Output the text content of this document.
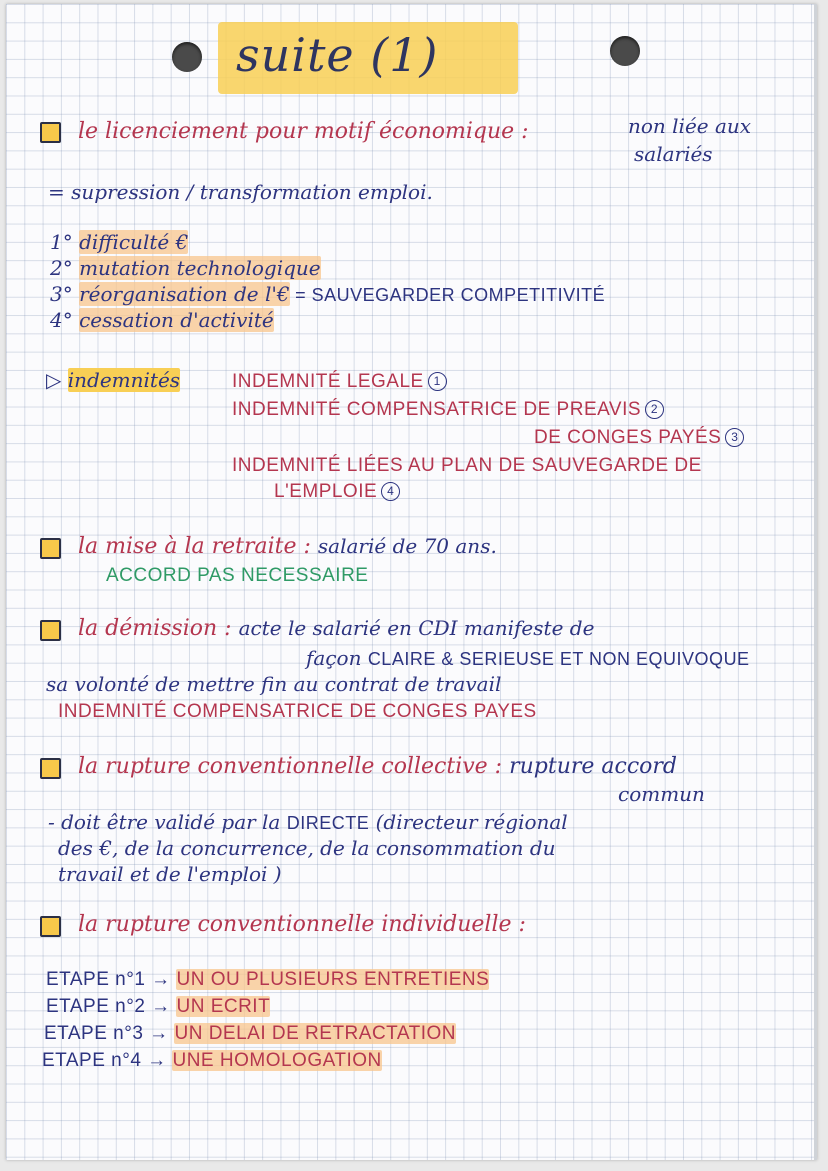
suite (1)
le licenciement pour motif économique :	non liée aux
salariés
= supression / transformation emploi.
1° difficulté €
2° mutation technologique
3° réorganisation de l'€ = SAUVEGARDER COMPETITIVITÉ
4° cessation d'activité
▷ indemnités	INDEMNITÉ LEGALE 1
INDEMNITÉ COMPENSATRICE DE PREAVIS 2
DE CONGES PAYÉS 3
INDEMNITÉ LIÉES AU PLAN DE SAUVEGARDE DE
L'EMPLOIE 4
la mise à la retraite : salarié de 70 ans.
ACCORD PAS NECESSAIRE
la démission : acte le salarié en CDI manifeste de
façon CLAIRE & SERIEUSE ET NON EQUIVOQUE
sa volonté de mettre fin au contrat de travail
INDEMNITÉ COMPENSATRICE DE CONGES PAYES
la rupture conventionnelle collective : rupture accord
commun
- doit être validé par la DIRECTE (directeur régional
des €, de la concurrence, de la consommation du
travail et de l'emploi )
la rupture conventionnelle individuelle :
ETAPE n°1 → UN OU PLUSIEURS ENTRETIENS
ETAPE n°2 → UN ECRIT
ETAPE n°3 → UN DELAI DE RETRACTATION
ETAPE n°4 → UNE HOMOLOGATION
